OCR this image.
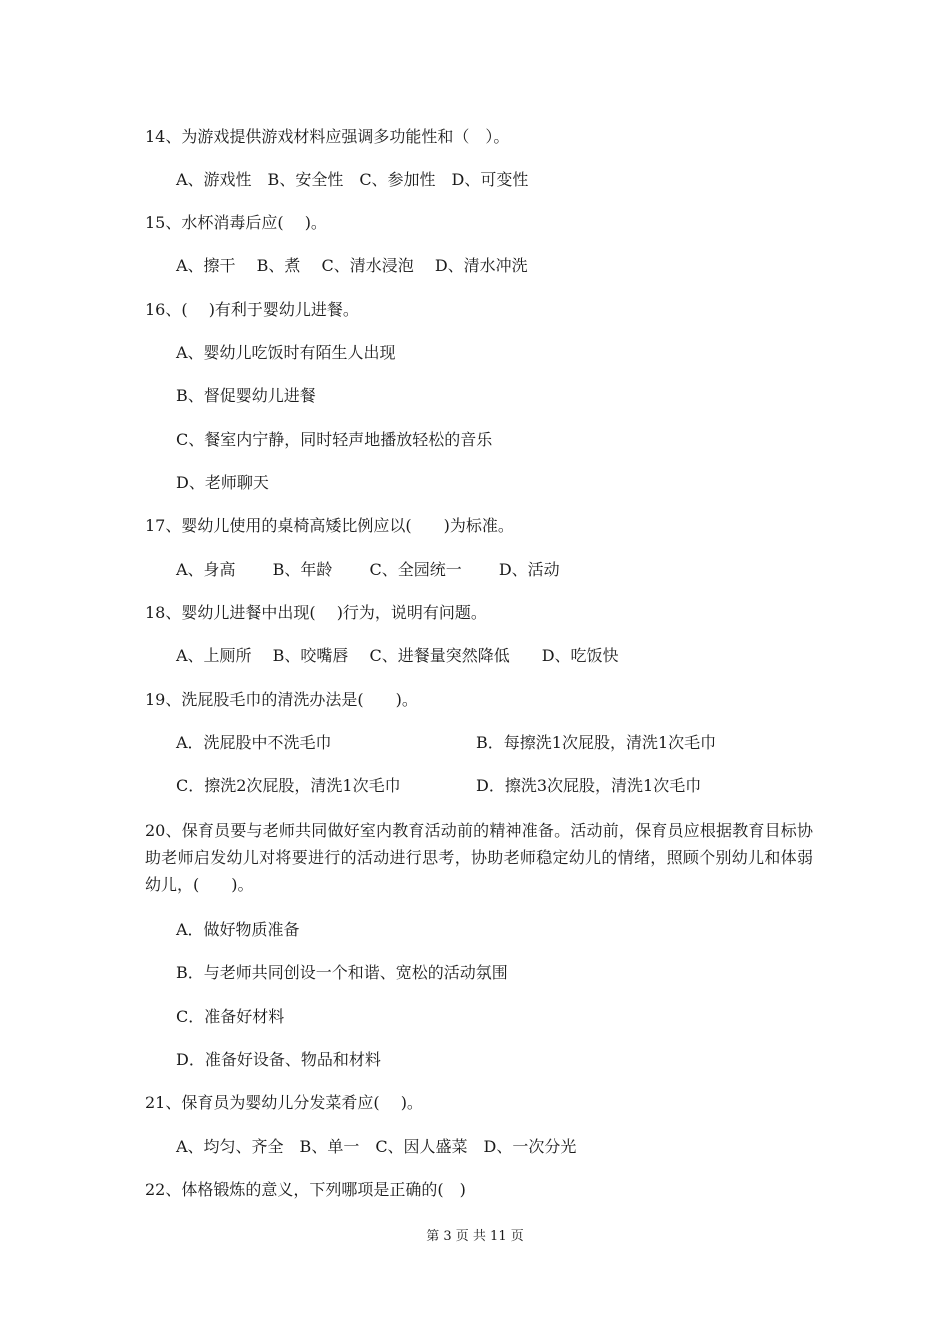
14、为游戏提供游戏材料应强调多功能性和（　）。
A、游戏性　B、安全性　C、参加性　D、可变性
15、水杯消毒后应(　 )。
A、擦干　 B、煮　 C、清水浸泡　 D、清水冲洗
16、(　 )有利于婴幼儿进餐。
A、婴幼儿吃饭时有陌生人出现
B、督促婴幼儿进餐
C、餐室内宁静，同时轻声地播放轻松的音乐
D、老师聊天
17、婴幼儿使用的桌椅高矮比例应以(　　)为标准。
A、身高　　 B、年龄　　 C、全园统一　　 D、活动
18、婴幼儿进餐中出现(　 )行为，说明有问题。
A、上厕所　 B、咬嘴唇　 C、进餐量突然降低　　D、吃饭快
19、洗屁股毛巾的清洗办法是(　　)。
A．洗屁股中不洗毛巾	B．每擦洗1次屁股，清洗1次毛巾
C．擦洗2次屁股，清洗1次毛巾	D．擦洗3次屁股，清洗1次毛巾
20、保育员要与老师共同做好室内教育活动前的精神准备。活动前，保育员应根据教育目标协助老师启发幼儿对将要进行的活动进行思考，协助老师稳定幼儿的情绪，照顾个别幼儿和体弱幼儿，(　　)。
A．做好物质准备
B．与老师共同创设一个和谐、宽松的活动氛围
C．准备好材料
D．准备好设备、物品和材料
21、保育员为婴幼儿分发菜肴应(　 )。
A、均匀、齐全　B、单一　C、因人盛菜　D、一次分光
22、体格锻炼的意义，下列哪项是正确的(　)
第 3 页 共 11 页
